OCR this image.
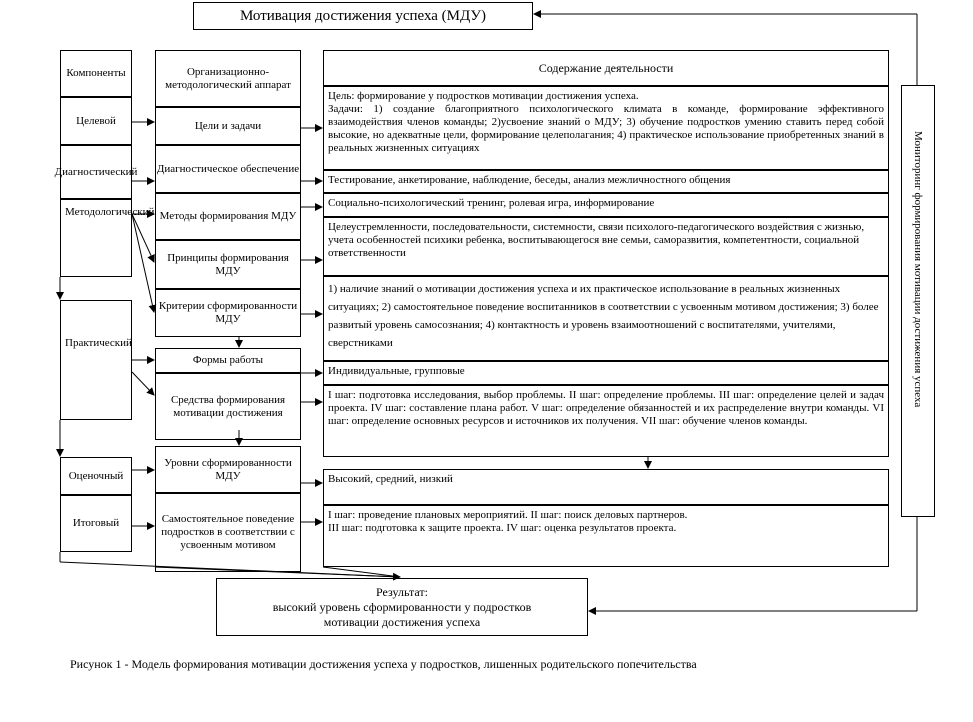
Мотивация достижения успеха (МДУ)
Компоненты
Целевой
Диагностический
Методологический
Практический
Оценочный
Итоговый
Организационно-методологический аппарат
Цели и задачи
Диагностическое обеспечение
Методы формирования МДУ
Принципы формирования МДУ
Критерии сформированности МДУ
Формы работы
Средства формирования мотивации достижения
Уровни сформированности МДУ
Самостоятельное поведение подростков в соответствии с усвоенным мотивом
Содержание деятельности

Цель: формирование у подростков мотивации достижения успеха.

Задачи: 1) создание благоприятного психологического климата в команде, формирование эффективного взаимодействия членов команды; 2)усвоение знаний о МДУ; 3) обучение подростков умению ставить перед собой высокие, но адекватные цели, формирование целеполагания; 4) практическое использование приобретенных знаний в реальных жизненных ситуациях

Тестирование, анкетирование, наблюдение, беседы, анализ межличностного общения
Социально-психологический тренинг, ролевая игра, информирование
Целеустремленности, последовательности, системности, связи психолого-педагогического воздействия с жизнью, учета особенностей психики ребенка, воспитывающегося вне семьи, саморазвития, компетентности, социальной ответственности
1) наличие знаний о мотивации достижения успеха и их практическое использование в реальных жизненных ситуациях; 2) самостоятельное поведение воспитанников в соответствии с усвоенным мотивом достижения; 3) более развитый уровень самосознания; 4) контактность и уровень взаимоотношений с воспитателями, учителями, сверстниками
Индивидуальные, групповые
I шаг: подготовка исследования, выбор проблемы. II шаг: определение проблемы. III шаг: определение целей и задач проекта. IV шаг: составление плана работ. V шаг: определение обязанностей и их распределение внутри команды. VI шаг: определение основных ресурсов и источников их получения. VII шаг: обучение членов команды.
Высокий, средний, низкий

I шаг: проведение плановых мероприятий. II шаг: поиск деловых партнеров.

III шаг: подготовка к защите проекта. IV шаг: оценка результатов проекта.

Мониторинг формирования мотивации достижения успеха

Результат:

высокий уровень сформированности у подростков

мотивации достижения успеха

Рисунок 1 - Модель формирования мотивации достижения успеха у подростков, лишенных родительского попечительства
